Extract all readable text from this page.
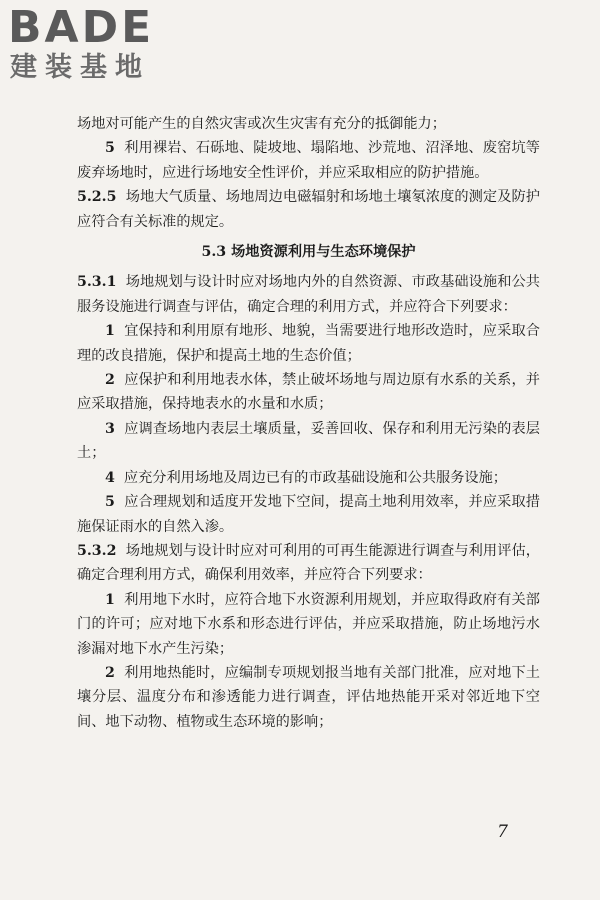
BADE

建装基地

场地对可能产生的自然灾害或次生灾害有充分的抵御能力；

5 利用裸岩、石砾地、陡坡地、塌陷地、沙荒地、沼泽地、废窑坑等废弃场地时，应进行场地安全性评价，并应采取相应的防护措施。

5.2.5 场地大气质量、场地周边电磁辐射和场地土壤氡浓度的测定及防护应符合有关标准的规定。

5.3 场地资源利用与生态环境保护

5.3.1 场地规划与设计时应对场地内外的自然资源、市政基础设施和公共服务设施进行调查与评估，确定合理的利用方式，并应符合下列要求：

1 宜保持和利用原有地形、地貌，当需要进行地形改造时，应采取合理的改良措施，保护和提高土地的生态价值；

2 应保护和利用地表水体，禁止破坏场地与周边原有水系的关系，并应采取措施，保持地表水的水量和水质；

3 应调查场地内表层土壤质量，妥善回收、保存和利用无污染的表层土；

4 应充分利用场地及周边已有的市政基础设施和公共服务设施；

5 应合理规划和适度开发地下空间，提高土地利用效率，并应采取措施保证雨水的自然入渗。

5.3.2 场地规划与设计时应对可利用的可再生能源进行调查与利用评估，确定合理利用方式，确保利用效率，并应符合下列要求：

1 利用地下水时，应符合地下水资源利用规划，并应取得政府有关部门的许可；应对地下水系和形态进行评估，并应采取措施，防止场地污水渗漏对地下水产生污染；

2 利用地热能时，应编制专项规划报当地有关部门批准，应对地下土壤分层、温度分布和渗透能力进行调查，评估地热能开采对邻近地下空间、地下动物、植物或生态环境的影响；

7
